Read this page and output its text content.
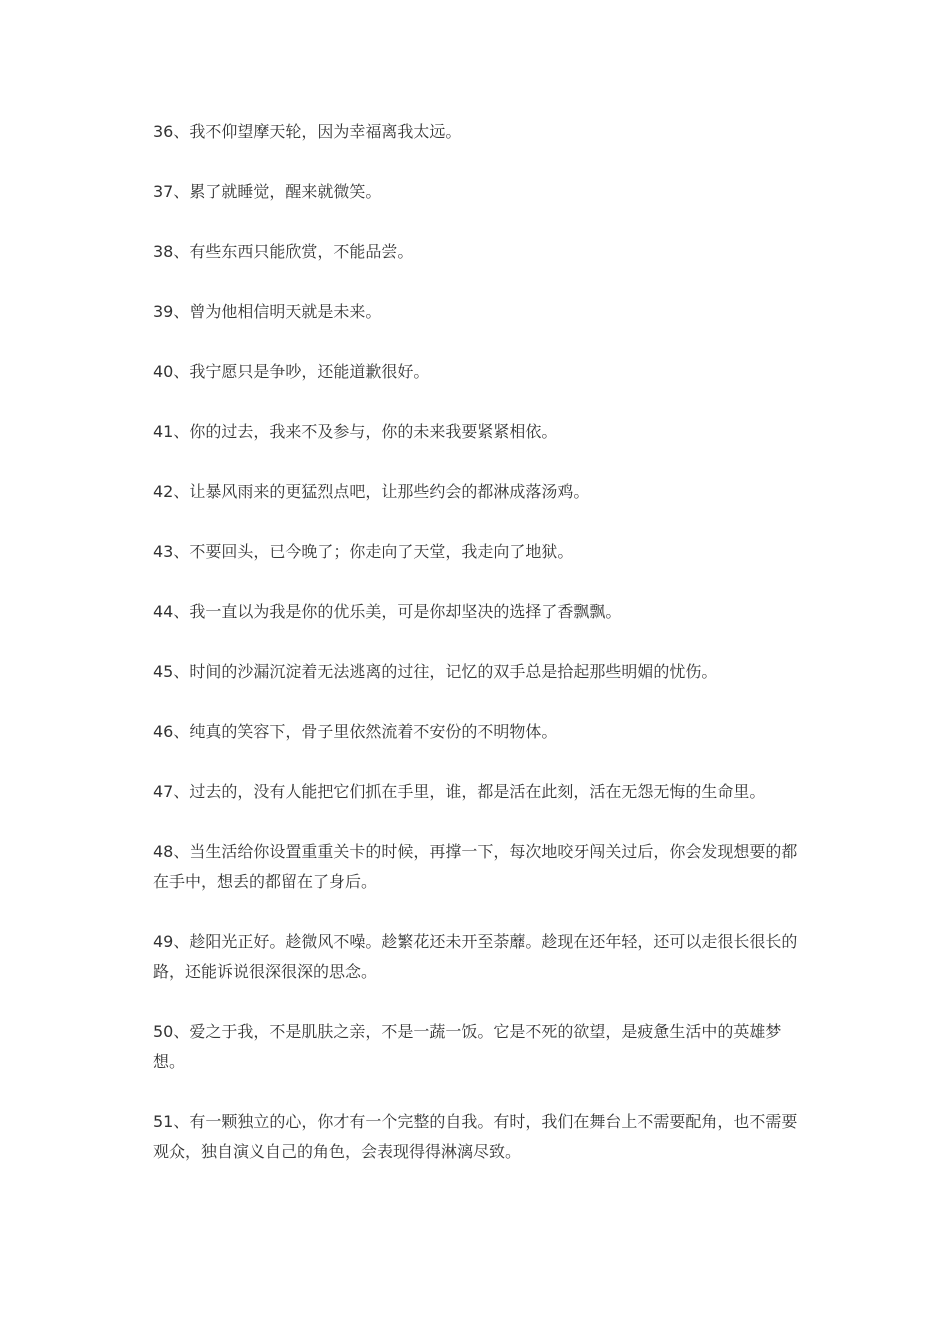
36、我不仰望摩天轮，因为幸福离我太远。

37、累了就睡觉，醒来就微笑。

38、有些东西只能欣赏，不能品尝。

39、曾为他相信明天就是未来。

40、我宁愿只是争吵，还能道歉很好。

41、你的过去，我来不及参与，你的未来我要紧紧相依。

42、让暴风雨来的更猛烈点吧，让那些约会的都淋成落汤鸡。

43、不要回头，已今晚了；你走向了天堂，我走向了地狱。

44、我一直以为我是你的优乐美，可是你却坚决的选择了香飘飘。

45、时间的沙漏沉淀着无法逃离的过往，记忆的双手总是拾起那些明媚的忧伤。

46、纯真的笑容下，骨子里依然流着不安份的不明物体。

47、过去的，没有人能把它们抓在手里，谁，都是活在此刻，活在无怨无悔的生命里。

48、当生活给你设置重重关卡的时候，再撑一下，每次地咬牙闯关过后，你会发现想要的都在手中，想丢的都留在了身后。

49、趁阳光正好。趁微风不噪。趁繁花还未开至荼蘼。趁现在还年轻，还可以走很长很长的路，还能诉说很深很深的思念。

50、爱之于我，不是肌肤之亲，不是一蔬一饭。它是不死的欲望，是疲惫生活中的英雄梦想。

51、有一颗独立的心，你才有一个完整的自我。有时，我们在舞台上不需要配角，也不需要观众，独自演义自己的角色，会表现得得淋漓尽致。
